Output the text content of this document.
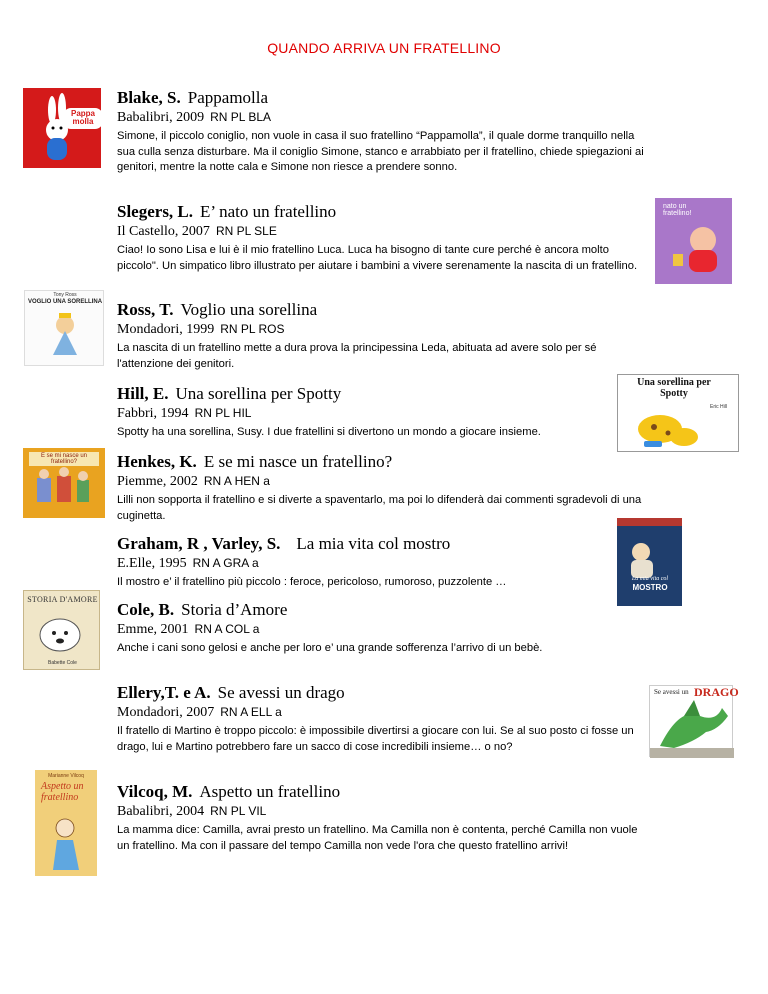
QUANDO ARRIVA UN FRATELLINO
Blake, S. Pappamolla
Babalibri, 2009 RN PL BLA
Simone, il piccolo coniglio, non vuole in casa il suo fratellino “Pappamolla”, il quale dorme tranquillo nella sua culla senza disturbare. Ma il coniglio Simone, stanco e arrabbiato per il fratellino, chiede spiegazioni ai genitori, mentre la notte cala e Simone non riesce a prendere sonno.
Slegers, L. E’ nato un fratellino
Il Castello, 2007 RN PL SLE
Ciao! Io sono Lisa e lui è il mio fratellino Luca. Luca ha bisogno di tante cure perché è ancora molto piccolo". Un simpatico libro illustrato per aiutare i bambini a vivere serenamente la nascita di un fratellino.
Ross, T. Voglio una sorellina
Mondadori, 1999 RN PL ROS
La nascita di un fratellino mette a dura prova la principessina Leda, abituata ad avere solo per sé l'attenzione dei genitori.
Hill, E. Una sorellina per Spotty
Fabbri, 1994 RN PL HIL
Spotty ha una sorellina, Susy. I due fratellini si divertono un mondo a giocare insieme.
Henkes, K. E se mi nasce un fratellino?
Piemme, 2002 RN A HEN a
Lilli non sopporta il fratellino e si diverte a spaventarlo, ma poi lo difenderà dai commenti sgradevoli di una cuginetta.
Graham, R , Varley, S. La mia vita col mostro
E.Elle, 1995 RN A GRA a
Il mostro e’ il fratellino più piccolo : feroce, pericoloso, rumoroso, puzzolente …
Cole, B. Storia d’Amore
Emme, 2001 RN A COL a
Anche i cani sono gelosi e anche per loro e’ una grande sofferenza l’arrivo di un bebè.
Ellery,T. e A. Se avessi un drago
Mondadori, 2007 RN A ELL a
Il fratello di Martino è troppo piccolo: è impossibile divertirsi a giocare con lui. Se al suo posto ci fosse un drago, lui e Martino potrebbero fare un sacco di cose incredibili insieme… o no?
Vilcoq, M. Aspetto un fratellino
Babalibri, 2004 RN PL VIL
La mamma dice: Camilla, avrai presto un fratellino. Ma Camilla non è contenta, perché Camilla non vuole un fratellino. Ma con il passare del tempo Camilla non vede l'ora che questo fratellino arrivi!
Pappa molla
nato un fratellino!
Tony Ross
VOGLIO UNA SORELLINA
Una sorellina per Spotty
Eric Hill
E se mi nasce un fratellino?
La mia vita col
MOSTRO
STORIA D'AMORE
Babette Cole
Se avessi un DRAGO
Marianne Vilcoq
Aspetto un fratellino
